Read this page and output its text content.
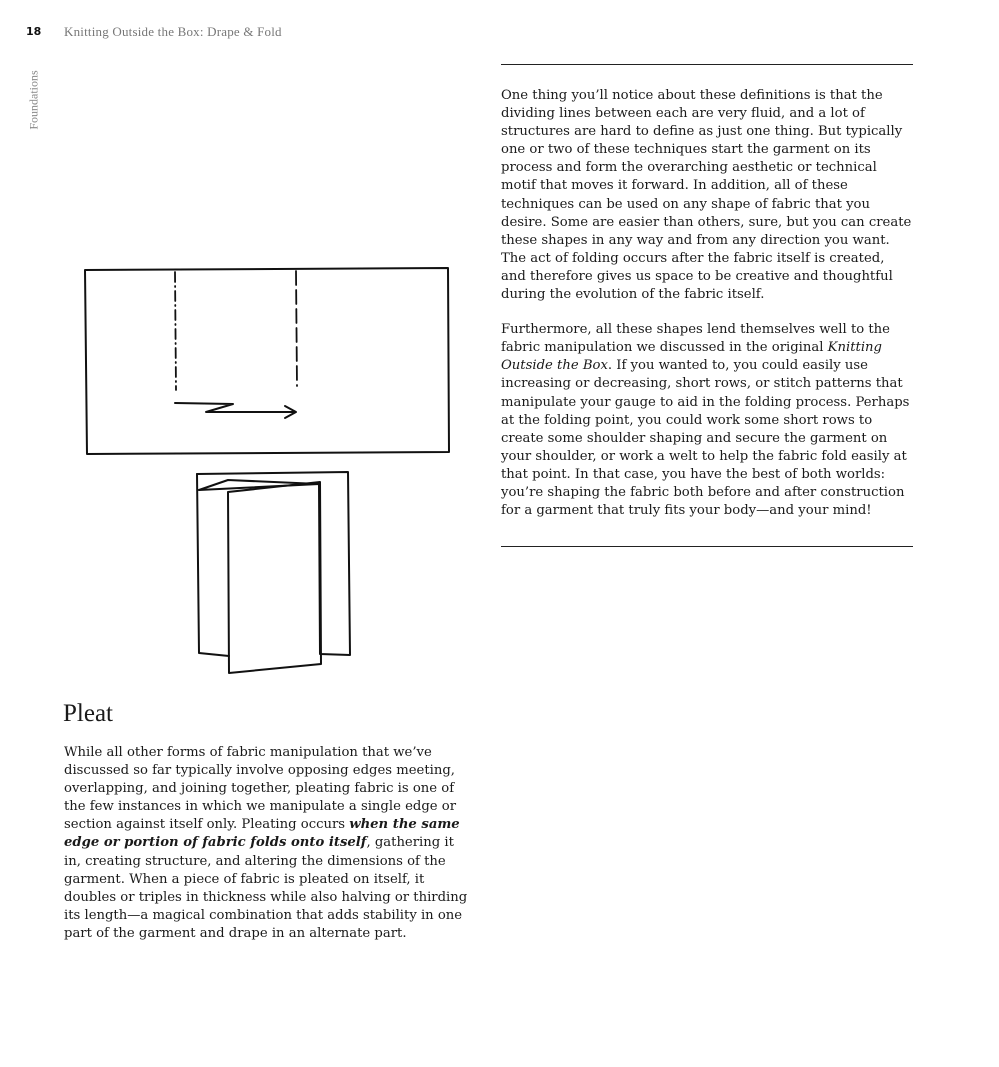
18 Knitting Outside the Box: Drape & Fold
Foundations	One thing you’ll notice about these definitions is that the dividing lines between each are very fluid, and a lot of structures are hard to define as just one thing. But typically one or two of these techniques start the garment on its process and form the overarching aesthetic or technical motif that moves it forward. In addition, all of these techniques can be used on any shape of fabric that you desire. Some are easier than others, sure, but you can create these shapes in any way and from any direction you want. The act of folding occurs after the fabric itself is created, and therefore gives us space to be creative and thoughtful during the evolution of the fabric itself.

Furthermore, all these shapes lend themselves well to the fabric manipulation we discussed in the original Knitting Outside the Box. If you wanted to, you could easily use increasing or decreasing, short rows, or stitch patterns that manipulate your gauge to aid in the folding process. Perhaps at the folding point, you could work some short rows to create some shoulder shaping and secure the garment on your shoulder, or work a welt to help the fabric fold easily at that point. In that case, you have the best of both worlds: you’re shaping the fabric both before and after construction for a garment that truly fits your body—and your mind!

Pleat

While all other forms of fabric manipulation that we’ve discussed so far typically involve opposing edges meeting, overlapping, and joining together, pleating fabric is one of the few instances in which we manipulate a single edge or section against itself only. Pleating occurs when the same edge or portion of fabric folds onto itself, gathering it in, creating structure, and altering the dimensions of the garment. When a piece of fabric is pleated on itself, it doubles or triples in thickness while also halving or thirding its length—a magical combination that adds stability in one part of the garment and drape in an alternate part.
